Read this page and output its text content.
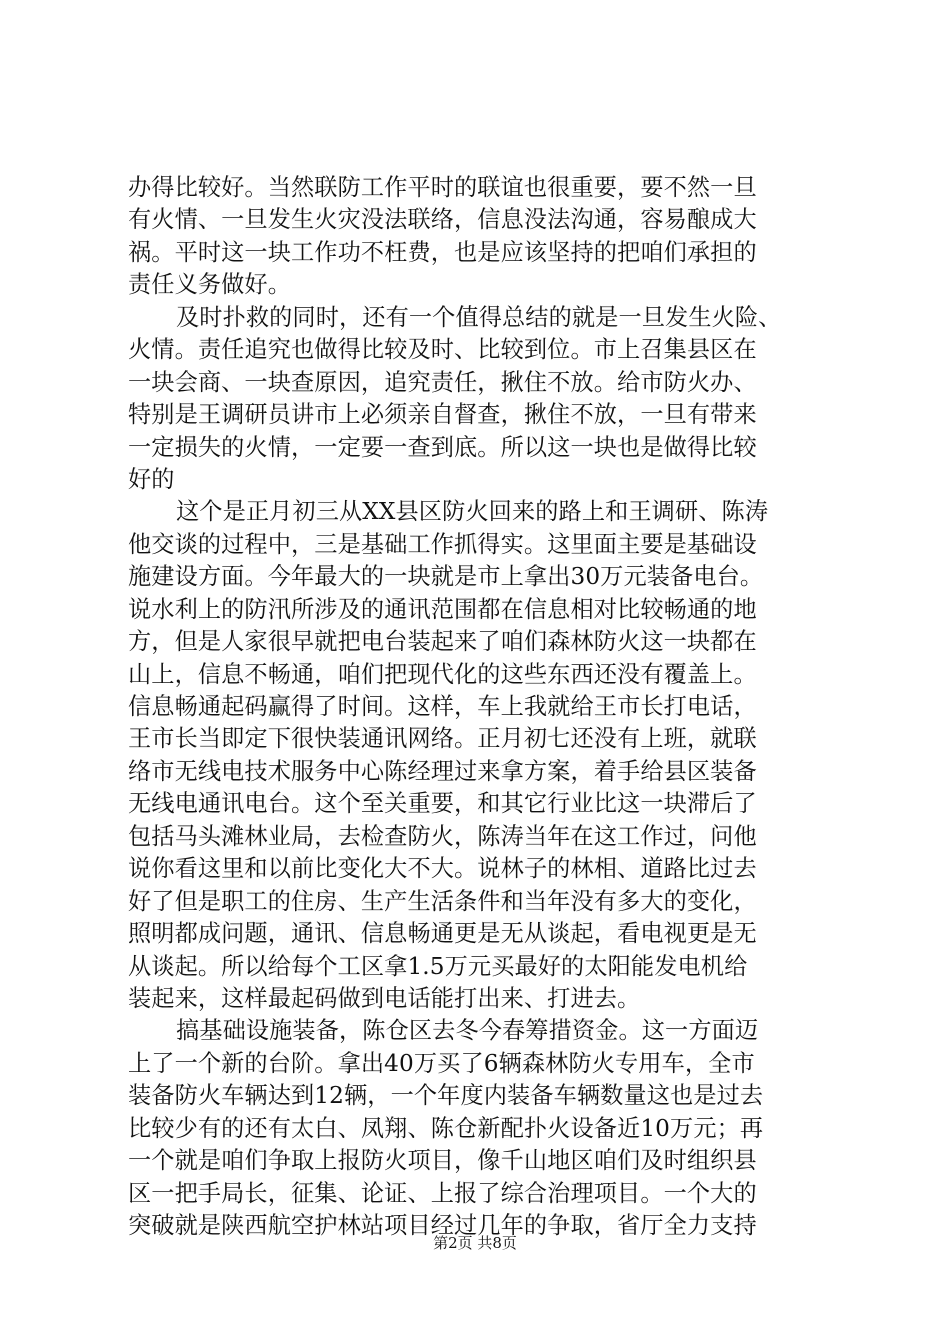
办得比较好。当然联防工作平时的联谊也很重要，要不然一旦
有火情、一旦发生火灾没法联络，信息没法沟通，容易酿成大
祸。平时这一块工作功不枉费，也是应该坚持的把咱们承担的
责任义务做好。
及时扑救的同时，还有一个值得总结的就是一旦发生火险、
火情。责任追究也做得比较及时、比较到位。市上召集县区在
一块会商、一块查原因，追究责任，揪住不放。给市防火办、
特别是王调研员讲市上必须亲自督查，揪住不放，一旦有带来
一定损失的火情，一定要一查到底。所以这一块也是做得比较
好的
这个是正月初三从XX县区防火回来的路上和王调研、陈涛
他交谈的过程中，三是基础工作抓得实。这里面主要是基础设
施建设方面。今年最大的一块就是市上拿出30万元装备电台。
说水利上的防汛所涉及的通讯范围都在信息相对比较畅通的地
方，但是人家很早就把电台装起来了咱们森林防火这一块都在
山上，信息不畅通，咱们把现代化的这些东西还没有覆盖上。
信息畅通起码赢得了时间。这样，车上我就给王市长打电话，
王市长当即定下很快装通讯网络。正月初七还没有上班，就联
络市无线电技术服务中心陈经理过来拿方案，着手给县区装备
无线电通讯电台。这个至关重要，和其它行业比这一块滞后了
包括马头滩林业局，去检查防火，陈涛当年在这工作过，问他
说你看这里和以前比变化大不大。说林子的林相、道路比过去
好了但是职工的住房、生产生活条件和当年没有多大的变化，
照明都成问题，通讯、信息畅通更是无从谈起，看电视更是无
从谈起。所以给每个工区拿1.5万元买最好的太阳能发电机给
装起来，这样最起码做到电话能打出来、打进去。
搞基础设施装备，陈仓区去冬今春筹措资金。这一方面迈
上了一个新的台阶。拿出40万买了6辆森林防火专用车，全市
装备防火车辆达到12辆，一个年度内装备车辆数量这也是过去
比较少有的还有太白、凤翔、陈仓新配扑火设备近10万元；再
一个就是咱们争取上报防火项目，像千山地区咱们及时组织县
区一把手局长，征集、论证、上报了综合治理项目。一个大的
突破就是陕西航空护林站项目经过几年的争取，省厅全力支持
第2页 共8页
